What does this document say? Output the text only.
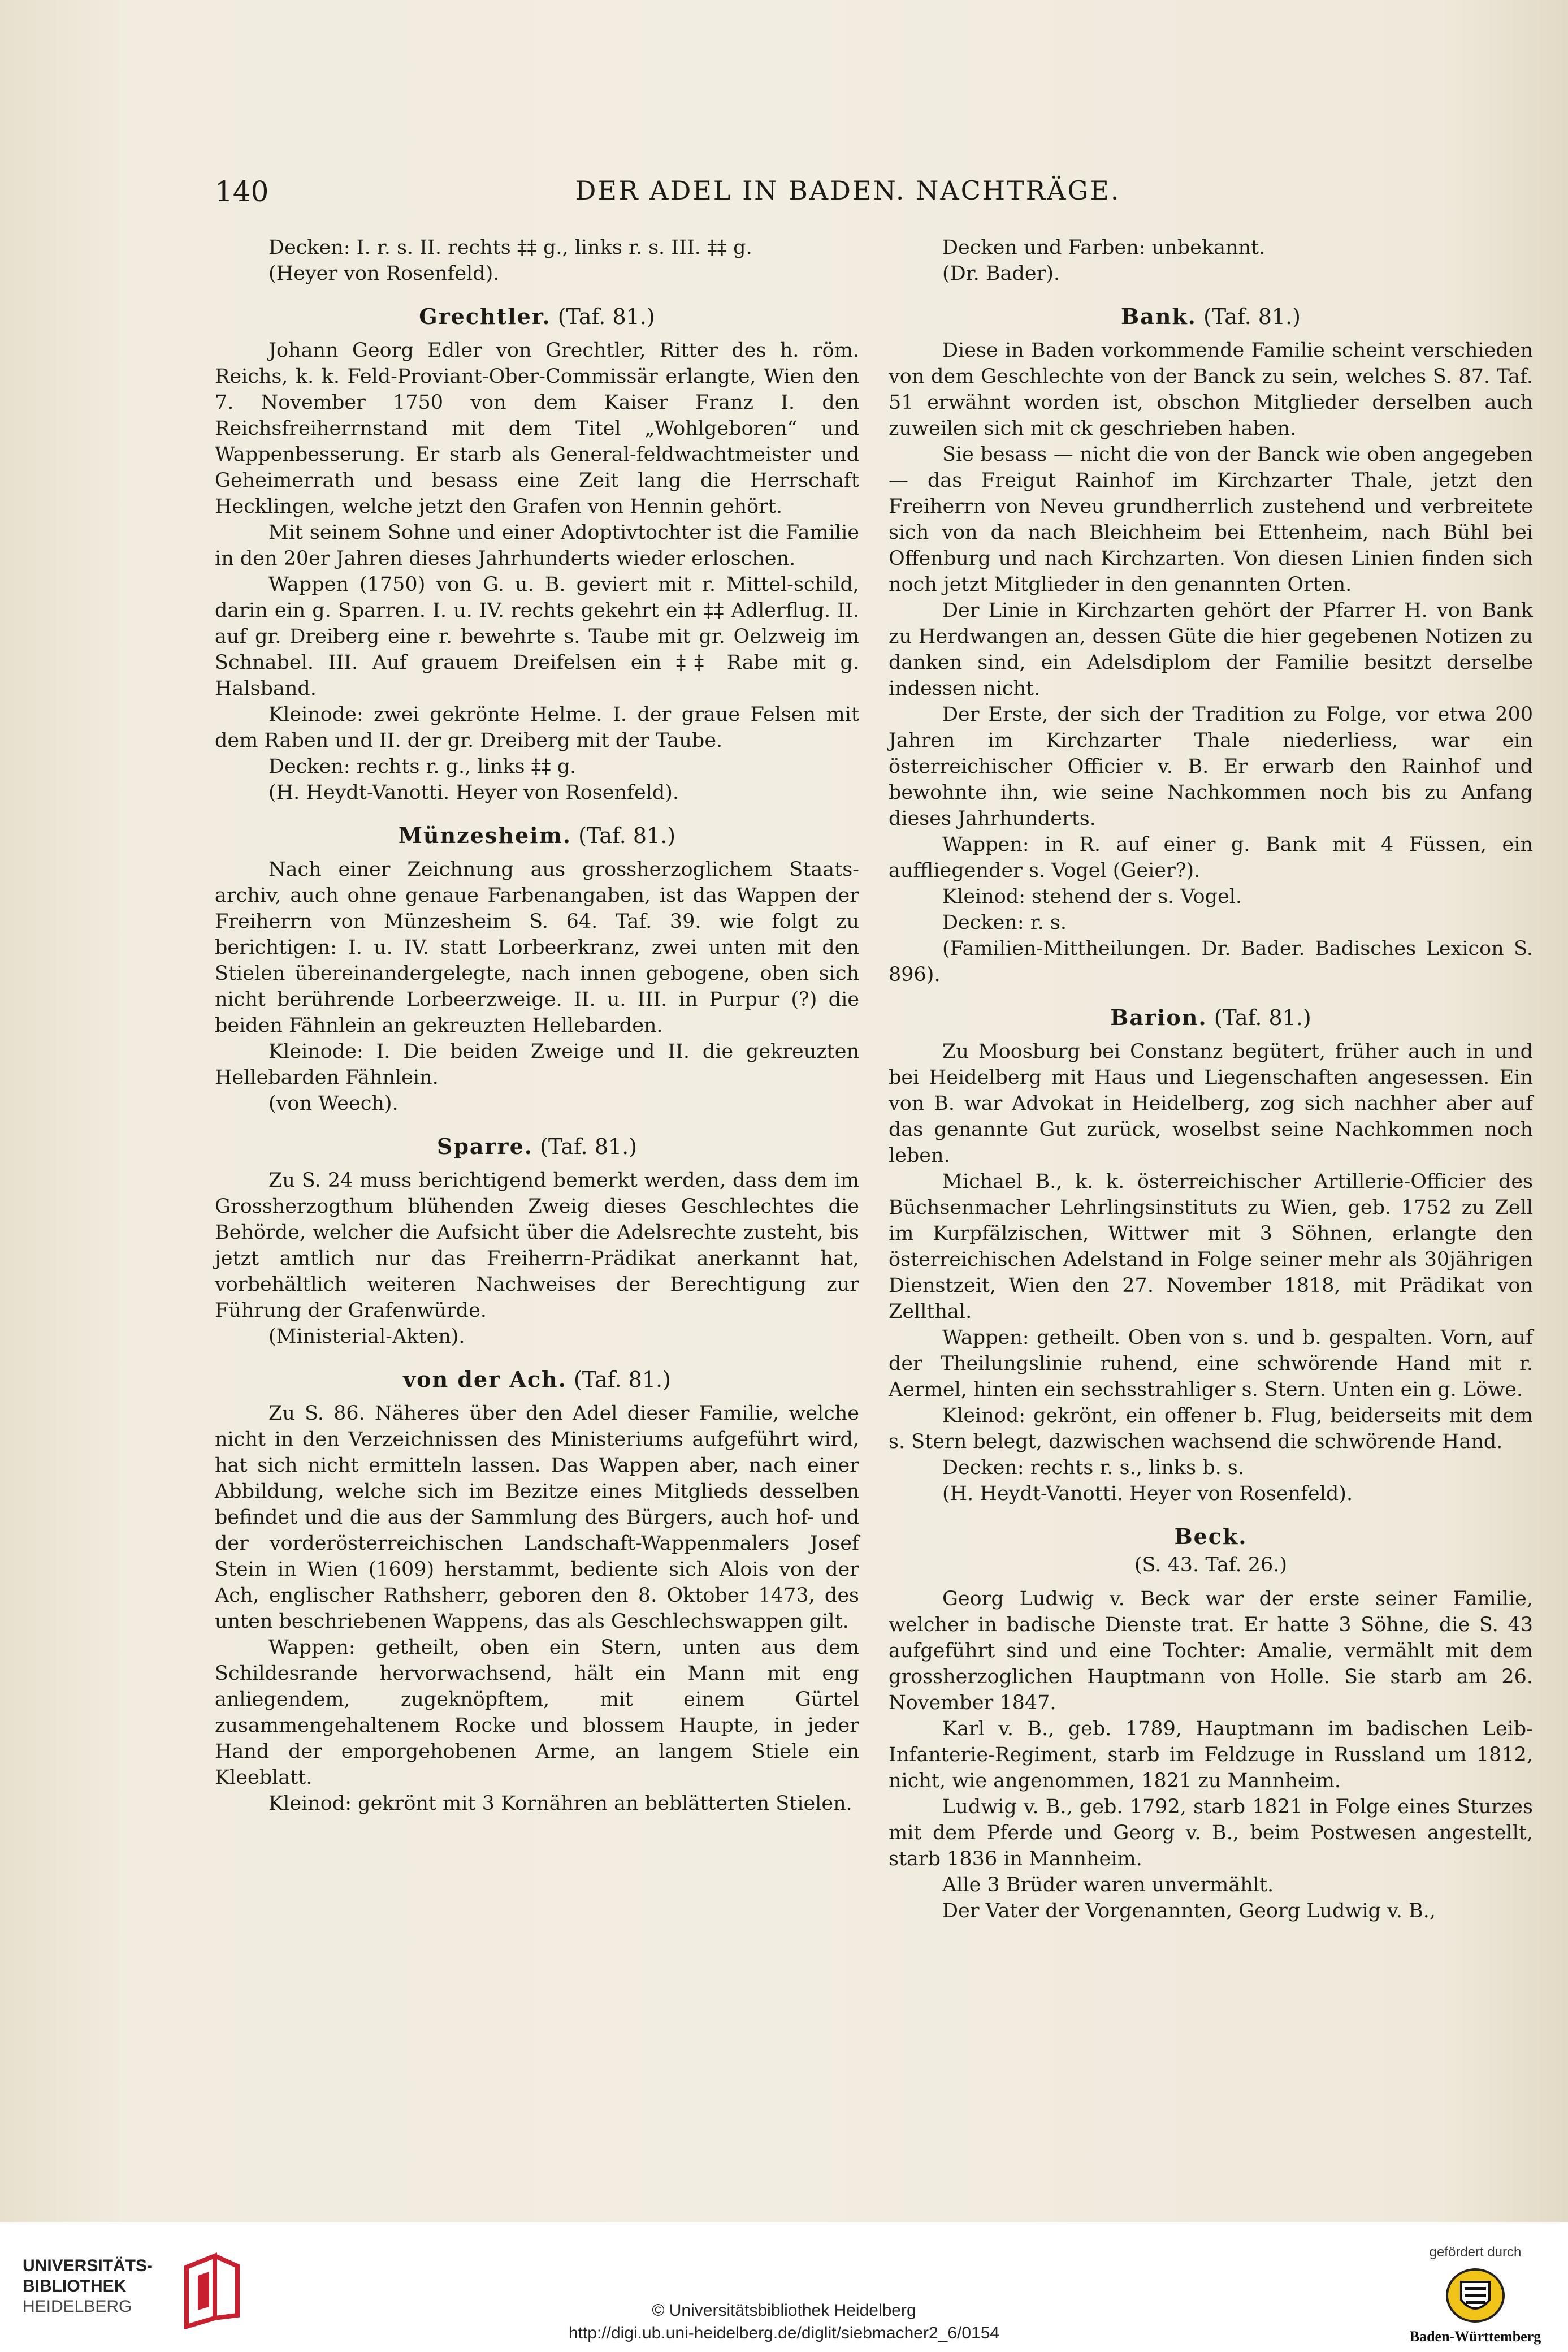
140	DER ADEL IN BADEN. NACHTRÄGE.

Decken: I. r. s. II. rechts ‡‡ g., links r. s. III. ‡‡ g.

(Heyer von Rosenfeld).

Grechtler. (Taf. 81.)

Johann Georg Edler von Grechtler, Ritter des h. röm. Reichs, k. k. Feld-Proviant-Ober-Commissär erlangte, Wien den 7. November 1750 von dem Kaiser Franz I. den Reichsfreiherrnstand mit dem Titel „Wohlgeboren“ und Wappenbesserung. Er starb als General-feldwachtmeister und Geheimerrath und besass eine Zeit lang die Herrschaft Hecklingen, welche jetzt den Grafen von Hennin gehört.

Mit seinem Sohne und einer Adoptivtochter ist die Familie in den 20er Jahren dieses Jahrhunderts wieder erloschen.

Wappen (1750) von G. u. B. geviert mit r. Mittel-schild, darin ein g. Sparren. I. u. IV. rechts gekehrt ein ‡‡ Adlerflug. II. auf gr. Dreiberg eine r. bewehrte s. Taube mit gr. Oelzweig im Schnabel. III. Auf grauem Dreifelsen ein ‡‡ Rabe mit g. Halsband.

Kleinode: zwei gekrönte Helme. I. der graue Felsen mit dem Raben und II. der gr. Dreiberg mit der Taube.

Decken: rechts r. g., links ‡‡ g.

(H. Heydt-Vanotti. Heyer von Rosenfeld).

Münzesheim. (Taf. 81.)

Nach einer Zeichnung aus grossherzoglichem Staats-archiv, auch ohne genaue Farbenangaben, ist das Wappen der Freiherrn von Münzesheim S. 64. Taf. 39. wie folgt zu berichtigen: I. u. IV. statt Lorbeerkranz, zwei unten mit den Stielen übereinandergelegte, nach innen gebogene, oben sich nicht berührende Lorbeerzweige. II. u. III. in Purpur (?) die beiden Fähnlein an gekreuzten Hellebarden.

Kleinode: I. Die beiden Zweige und II. die gekreuzten Hellebarden Fähnlein.

(von Weech).

Sparre. (Taf. 81.)

Zu S. 24 muss berichtigend bemerkt werden, dass dem im Grossherzogthum blühenden Zweig dieses Geschlechtes die Behörde, welcher die Aufsicht über die Adelsrechte zusteht, bis jetzt amtlich nur das Freiherrn-Prädikat anerkannt hat, vorbehältlich weiteren Nachweises der Berechtigung zur Führung der Grafenwürde.

(Ministerial-Akten).

von der Ach. (Taf. 81.)

Zu S. 86. Näheres über den Adel dieser Familie, welche nicht in den Verzeichnissen des Ministeriums aufgeführt wird, hat sich nicht ermitteln lassen. Das Wappen aber, nach einer Abbildung, welche sich im Bezitze eines Mitglieds desselben befindet und die aus der Sammlung des Bürgers, auch hof- und der vorderösterreichischen Landschaft-Wappenmalers Josef Stein in Wien (1609) herstammt, bediente sich Alois von der Ach, englischer Rathsherr, geboren den 8. Oktober 1473, des unten beschriebenen Wappens, das als Geschlechswappen gilt.

Wappen: getheilt, oben ein Stern, unten aus dem Schildesrande hervorwachsend, hält ein Mann mit eng anliegendem, zugeknöpftem, mit einem Gürtel zusammengehaltenem Rocke und blossem Haupte, in jeder Hand der emporgehobenen Arme, an langem Stiele ein Kleeblatt.

Kleinod: gekrönt mit 3 Kornähren an beblätterten Stielen.

Decken und Farben: unbekannt.

(Dr. Bader).

Bank. (Taf. 81.)

Diese in Baden vorkommende Familie scheint verschieden von dem Geschlechte von der Banck zu sein, welches S. 87. Taf. 51 erwähnt worden ist, obschon Mitglieder derselben auch zuweilen sich mit ck geschrieben haben.

Sie besass — nicht die von der Banck wie oben angegeben — das Freigut Rainhof im Kirchzarter Thale, jetzt den Freiherrn von Neveu grundherrlich zustehend und verbreitete sich von da nach Bleichheim bei Ettenheim, nach Bühl bei Offenburg und nach Kirchzarten. Von diesen Linien finden sich noch jetzt Mitglieder in den genannten Orten.

Der Linie in Kirchzarten gehört der Pfarrer H. von Bank zu Herdwangen an, dessen Güte die hier gegebenen Notizen zu danken sind, ein Adelsdiplom der Familie besitzt derselbe indessen nicht.

Der Erste, der sich der Tradition zu Folge, vor etwa 200 Jahren im Kirchzarter Thale niederliess, war ein österreichischer Officier v. B. Er erwarb den Rainhof und bewohnte ihn, wie seine Nachkommen noch bis zu Anfang dieses Jahrhunderts.

Wappen: in R. auf einer g. Bank mit 4 Füssen, ein auffliegender s. Vogel (Geier?).

Kleinod: stehend der s. Vogel.

Decken: r. s.

(Familien-Mittheilungen. Dr. Bader. Badisches Lexicon S. 896).

Barion. (Taf. 81.)

Zu Moosburg bei Constanz begütert, früher auch in und bei Heidelberg mit Haus und Liegenschaften angesessen. Ein von B. war Advokat in Heidelberg, zog sich nachher aber auf das genannte Gut zurück, woselbst seine Nachkommen noch leben.

Michael B., k. k. österreichischer Artillerie-Officier des Büchsenmacher Lehrlingsinstituts zu Wien, geb. 1752 zu Zell im Kurpfälzischen, Wittwer mit 3 Söhnen, erlangte den österreichischen Adelstand in Folge seiner mehr als 30jährigen Dienstzeit, Wien den 27. November 1818, mit Prädikat von Zellthal.

Wappen: getheilt. Oben von s. und b. gespalten. Vorn, auf der Theilungslinie ruhend, eine schwörende Hand mit r. Aermel, hinten ein sechsstrahliger s. Stern. Unten ein g. Löwe.

Kleinod: gekrönt, ein offener b. Flug, beiderseits mit dem s. Stern belegt, dazwischen wachsend die schwörende Hand.

Decken: rechts r. s., links b. s.

(H. Heydt-Vanotti. Heyer von Rosenfeld).

Beck.

(S. 43. Taf. 26.)

Georg Ludwig v. Beck war der erste seiner Familie, welcher in badische Dienste trat. Er hatte 3 Söhne, die S. 43 aufgeführt sind und eine Tochter: Amalie, vermählt mit dem grossherzoglichen Hauptmann von Holle. Sie starb am 26. November 1847.

Karl v. B., geb. 1789, Hauptmann im badischen Leib-Infanterie-Regiment, starb im Feldzuge in Russland um 1812, nicht, wie angenommen, 1821 zu Mannheim.

Ludwig v. B., geb. 1792, starb 1821 in Folge eines Sturzes mit dem Pferde und Georg v. B., beim Postwesen angestellt, starb 1836 in Mannheim.

Alle 3 Brüder waren unvermählt.

Der Vater der Vorgenannten, Georg Ludwig v. B.,

UNIVERSITÄTS-
BIBLIOTHEK
HEIDELBERG	© Universitätsbibliothek Heidelberg
http://digi.ub.uni-heidelberg.de/diglit/siebmacher2_6/0154
gefördert durch
Baden-Württemberg
